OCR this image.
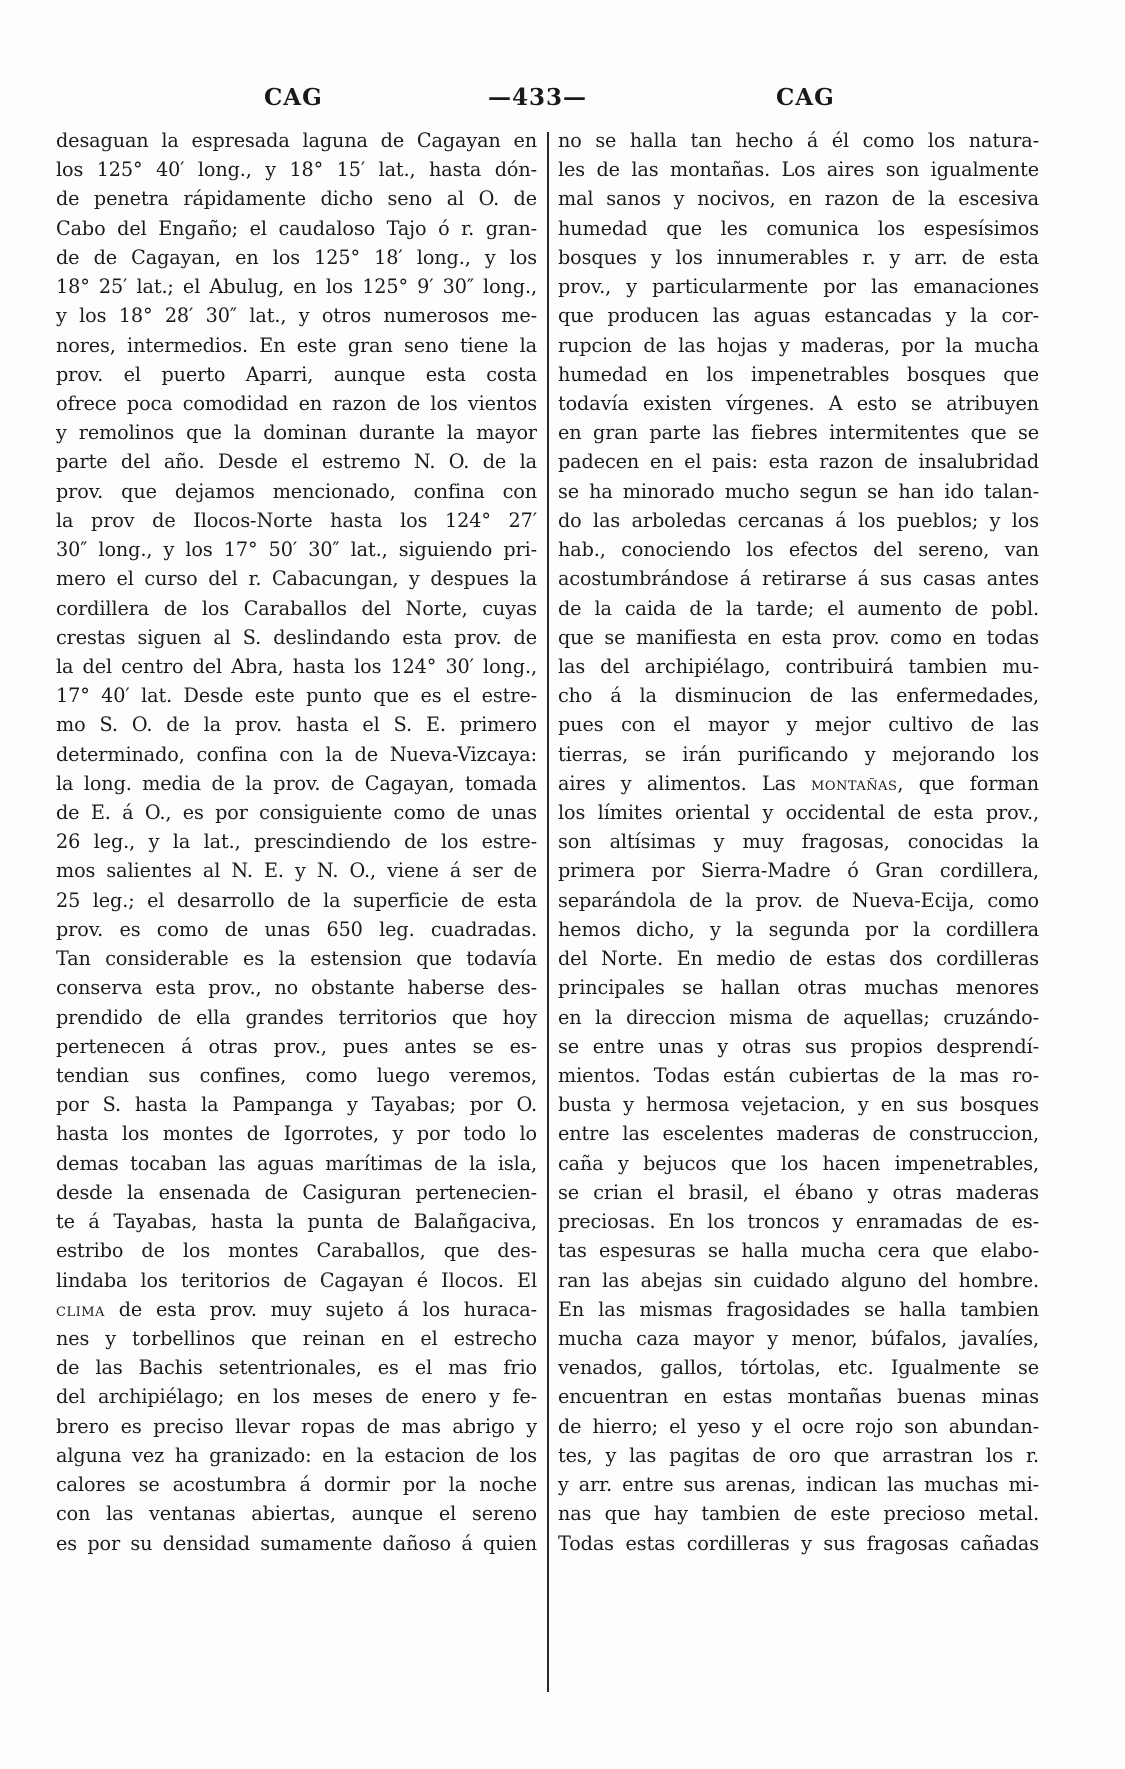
CAG	—433—	CAG
desaguan la espresada laguna de Cagayan en
los 125° 40′ long., y 18° 15′ lat., hasta dón-
de penetra rápidamente dicho seno al O. de
Cabo del Engaño; el caudaloso Tajo ó r. gran-
de de Cagayan, en los 125° 18′ long., y los
18° 25′ lat.; el Abulug, en los 125° 9′ 30″ long.,
y los 18° 28′ 30″ lat., y otros numerosos me-
nores, intermedios. En este gran seno tiene la
prov. el puerto Aparri, aunque esta costa
ofrece poca comodidad en razon de los vientos
y remolinos que la dominan durante la mayor
parte del año. Desde el estremo N. O. de la
prov. que dejamos mencionado, confina con
la prov de Ilocos-Norte hasta los 124° 27′
30″ long., y los 17° 50′ 30″ lat., siguiendo pri-
mero el curso del r. Cabacungan, y despues la
cordillera de los Caraballos del Norte, cuyas
crestas siguen al S. deslindando esta prov. de
la del centro del Abra, hasta los 124° 30′ long.,
17° 40′ lat. Desde este punto que es el estre-
mo S. O. de la prov. hasta el S. E. primero
determinado, confina con la de Nueva-Vizcaya:
la long. media de la prov. de Cagayan, tomada
de E. á O., es por consiguiente como de unas
26 leg., y la lat., prescindiendo de los estre-
mos salientes al N. E. y N. O., viene á ser de
25 leg.; el desarrollo de la superficie de esta
prov. es como de unas 650 leg. cuadradas.
Tan considerable es la estension que todavía
conserva esta prov., no obstante haberse des-
prendido de ella grandes territorios que hoy
pertenecen á otras prov., pues antes se es-
tendian sus confines, como luego veremos,
por S. hasta la Pampanga y Tayabas; por O.
hasta los montes de Igorrotes, y por todo lo
demas tocaban las aguas marítimas de la isla,
desde la ensenada de Casiguran pertenecien-
te á Tayabas, hasta la punta de Balañgaciva,
estribo de los montes Caraballos, que des-
lindaba los teritorios de Cagayan é Ilocos. El
clima de esta prov. muy sujeto á los huraca-
nes y torbellinos que reinan en el estrecho
de las Bachis setentrionales, es el mas frio
del archipiélago; en los meses de enero y fe-
brero es preciso llevar ropas de mas abrigo y
alguna vez ha granizado: en la estacion de los
calores se acostumbra á dormir por la noche
con las ventanas abiertas, aunque el sereno
es por su densidad sumamente dañoso á quien
no se halla tan hecho á él como los natura-
les de las montañas. Los aires son igualmente
mal sanos y nocivos, en razon de la escesiva
humedad que les comunica los espesísimos
bosques y los innumerables r. y arr. de esta
prov., y particularmente por las emanaciones
que producen las aguas estancadas y la cor-
rupcion de las hojas y maderas, por la mucha
humedad en los impenetrables bosques que
todavía existen vírgenes. A esto se atribuyen
en gran parte las fiebres intermitentes que se
padecen en el pais: esta razon de insalubridad
se ha minorado mucho segun se han ido talan-
do las arboledas cercanas á los pueblos; y los
hab., conociendo los efectos del sereno, van
acostumbrándose á retirarse á sus casas antes
de la caida de la tarde; el aumento de pobl.
que se manifiesta en esta prov. como en todas
las del archipiélago, contribuirá tambien mu-
cho á la disminucion de las enfermedades,
pues con el mayor y mejor cultivo de las
tierras, se irán purificando y mejorando los
aires y alimentos. Las montañas, que forman
los límites oriental y occidental de esta prov.,
son altísimas y muy fragosas, conocidas la
primera por Sierra-Madre ó Gran cordillera,
separándola de la prov. de Nueva-Ecija, como
hemos dicho, y la segunda por la cordillera
del Norte. En medio de estas dos cordilleras
principales se hallan otras muchas menores
en la direccion misma de aquellas; cruzándo-
se entre unas y otras sus propios desprendí-
mientos. Todas están cubiertas de la mas ro-
busta y hermosa vejetacion, y en sus bosques
entre las escelentes maderas de construccion,
caña y bejucos que los hacen impenetrables,
se crian el brasil, el ébano y otras maderas
preciosas. En los troncos y enramadas de es-
tas espesuras se halla mucha cera que elabo-
ran las abejas sin cuidado alguno del hombre.
En las mismas fragosidades se halla tambien
mucha caza mayor y menor, búfalos, javalíes,
venados, gallos, tórtolas, etc. Igualmente se
encuentran en estas montañas buenas minas
de hierro; el yeso y el ocre rojo son abundan-
tes, y las pagitas de oro que arrastran los r.
y arr. entre sus arenas, indican las muchas mi-
nas que hay tambien de este precioso metal.
Todas estas cordilleras y sus fragosas cañadas
